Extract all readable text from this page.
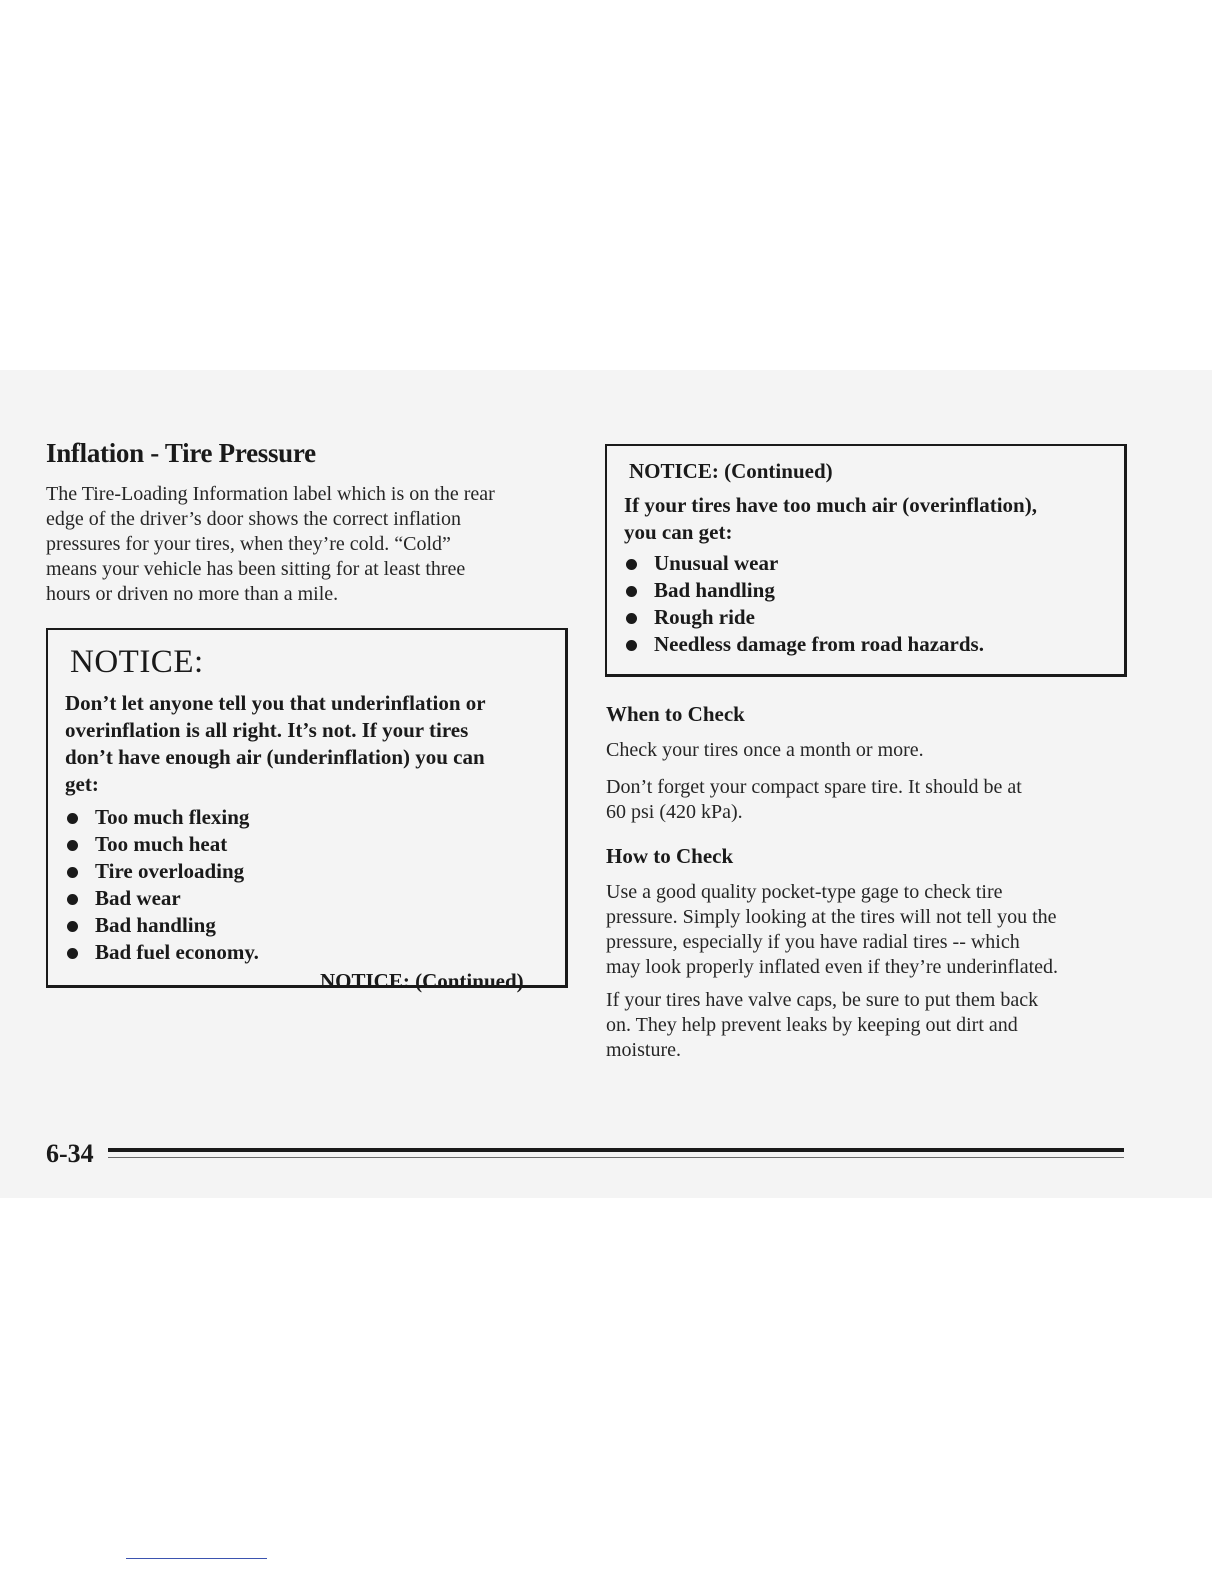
Inflation - Tire Pressure
The Tire-Loading Information label which is on the rear
edge of the driver’s door shows the correct inflation
pressures for your tires, when they’re cold. “Cold”
means your vehicle has been sitting for at least three
hours or driven no more than a mile.
NOTICE:
Don’t let anyone tell you that underinflation or
overinflation is all right. It’s not. If your tires
don’t have enough air (underinflation) you can
get:
Too much flexing
Too much heat
Tire overloading
Bad wear
Bad handling
Bad fuel economy.
NOTICE: (Continued)
NOTICE: (Continued)
If your tires have too much air (overinflation),
you can get:
Unusual wear
Bad handling
Rough ride
Needless damage from road hazards.
When to Check
Check your tires once a month or more.
Don’t forget your compact spare tire. It should be at
60 psi (420 kPa).
How to Check
Use a good quality pocket-type gage to check tire
pressure. Simply looking at the tires will not tell you the
pressure, especially if you have radial tires -- which
may look properly inflated even if they’re underinflated.
If your tires have valve caps, be sure to put them back
on. They help prevent leaks by keeping out dirt and
moisture.
6-34
